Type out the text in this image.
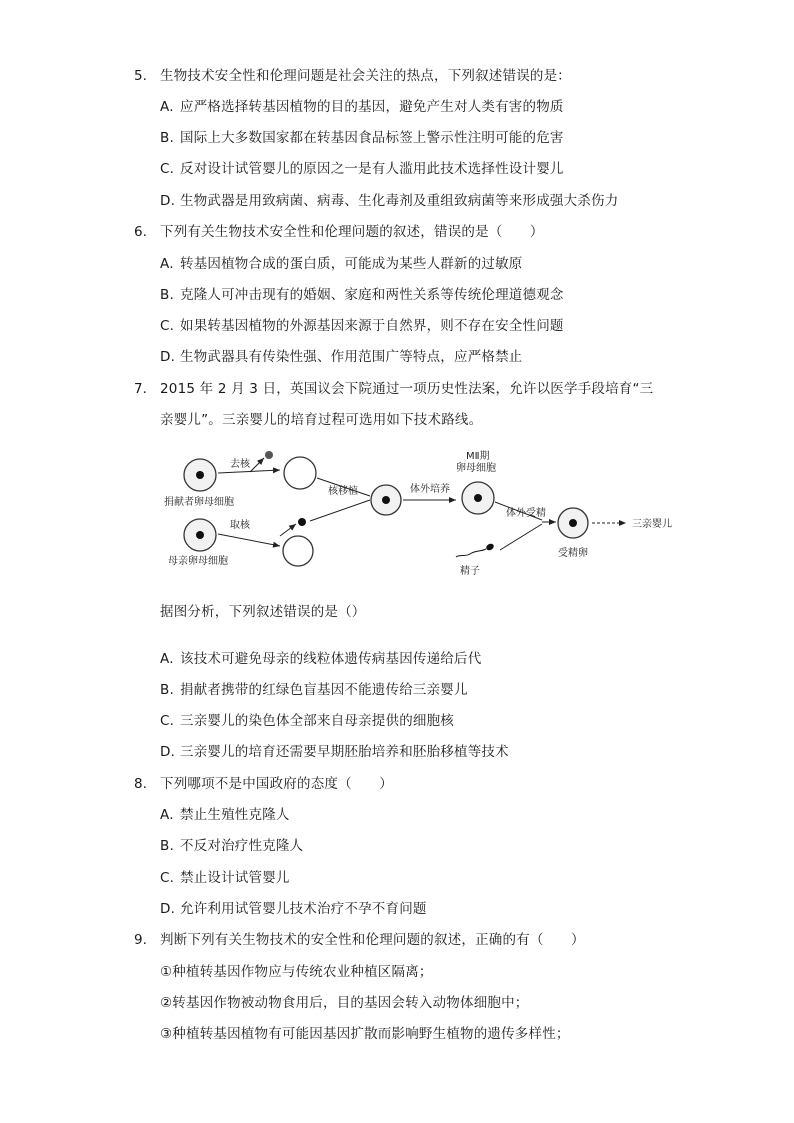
5. 生物技术安全性和伦理问题是社会关注的热点，下列叙述错误的是：
A. 应严格选择转基因植物的目的基因，避免产生对人类有害的物质
B. 国际上大多数国家都在转基因食品标签上警示性注明可能的危害
C. 反对设计试管婴儿的原因之一是有人滥用此技术选择性设计婴儿
D. 生物武器是用致病菌、病毒、生化毒剂及重组致病菌等来形成强大杀伤力
6. 下列有关生物技术安全性和伦理问题的叙述，错误的是（　　）
A. 转基因植物合成的蛋白质，可能成为某些人群新的过敏原
B. 克隆人可冲击现有的婚姻、家庭和两性关系等传统伦理道德观念
C. 如果转基因植物的外源基因来源于自然界，则不存在安全性问题
D. 生物武器具有传染性强、作用范围广等特点，应严格禁止
7. 2015 年 2 月 3 日，英国议会下院通过一项历史性法案，允许以医学手段培育“三
亲婴儿”。三亲婴儿的培育过程可选用如下技术路线。
捐献者卵母细胞
去核
母亲卵母细胞
取核
核移植	体外培养
MⅡ期
卵母细胞
体外受精
精子
受精卵
三亲婴儿
据图分析，下列叙述错误的是（）
A. 该技术可避免母亲的线粒体遗传病基因传递给后代
B. 捐献者携带的红绿色盲基因不能遗传给三亲婴儿
C. 三亲婴儿的染色体全部来自母亲提供的细胞核
D. 三亲婴儿的培育还需要早期胚胎培养和胚胎移植等技术
8. 下列哪项不是中国政府的态度（　　）
A. 禁止生殖性克隆人
B. 不反对治疗性克隆人
C. 禁止设计试管婴儿
D. 允许利用试管婴儿技术治疗不孕不育问题
9. 判断下列有关生物技术的安全性和伦理问题的叙述，正确的有（　　）
①种植转基因作物应与传统农业种植区隔离；
②转基因作物被动物食用后，目的基因会转入动物体细胞中；
③种植转基因植物有可能因基因扩散而影响野生植物的遗传多样性；
